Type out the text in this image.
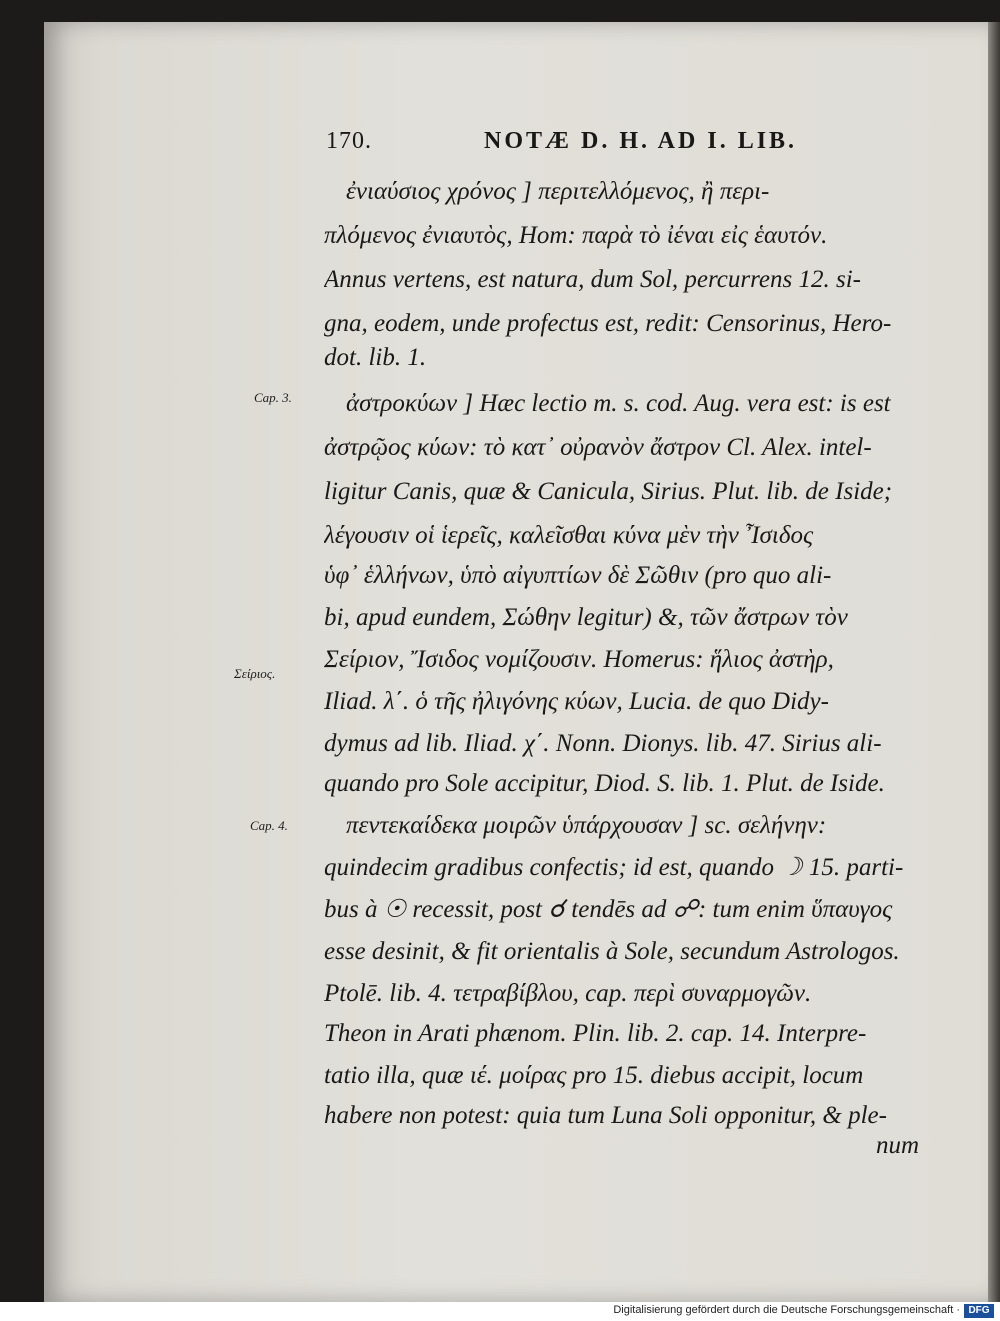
170.	NOTÆ D. H. AD I. LIB.
ἐνιαύσιος χρόνος ] περιτελλόμενος, ἢ περι-
πλόμενος ἐνιαυτὸς, Hom: παρὰ τὸ ἰέναι εἰς ἑαυτόν.
Annus vertens, est natura, dum Sol, percurrens 12. si-
gna, eodem, unde profectus est, redit: Censorinus, Hero-
dot. lib. 1.
Cap. 3. ἀστροκύων ] Hæc lectio m. s. cod. Aug. vera est: is est
ἀστρῷος κύων: τὸ κατ᾽ οὐρανὸν ἄστρον Cl. Alex. intel-
ligitur Canis, quæ & Canicula, Sirius. Plut. lib. de Iside;
λέγουσιν οἱ ἱερεῖς, καλεῖσθαι κύνα μὲν τὴν Ἶσιδος
ὑφ᾽ ἑλλήνων, ὑπὸ αἰγυπτίων δὲ Σῶθιν (pro quo ali-
bi, apud eundem, Σώθην legitur) &, τῶν ἄστρων τὸν
Σείριος.
Σείριον, Ἴσιδος νομίζουσιν. Homerus: ἥλιος ἀστὴρ,
Iliad. λ΄. ὁ τῆς ἠλιγόνης κύων, Lucia. de quo Didy-
dymus ad lib. Iliad. χ΄. Nonn. Dionys. lib. 47. Sirius ali-
quando pro Sole accipitur, Diod. S. lib. 1. Plut. de Iside.
Cap. 4. πεντεκαίδεκα μοιρῶν ὑπάρχουσαν ] sc. σελήνην:
quindecim gradibus confectis; id est, quando ☽ 15. parti-
bus à ☉ recessit, post ☌ tendēs ad ☍: tum enim ὕπαυγος
esse desinit, & fit orientalis à Sole, secundum Astrologos.
Ptolē. lib. 4. τετραβίβλου, cap. περὶ συναρμογῶν.
Theon in Arati phænom. Plin. lib. 2. cap. 14. Interpre-
tatio illa, quæ ιέ. μοίρας pro 15. diebus accipit, locum
habere non potest: quia tum Luna Soli opponitur, & ple-
num
Digitalisierung gefördert durch die Deutsche Forschungsgemeinschaft · DFG
